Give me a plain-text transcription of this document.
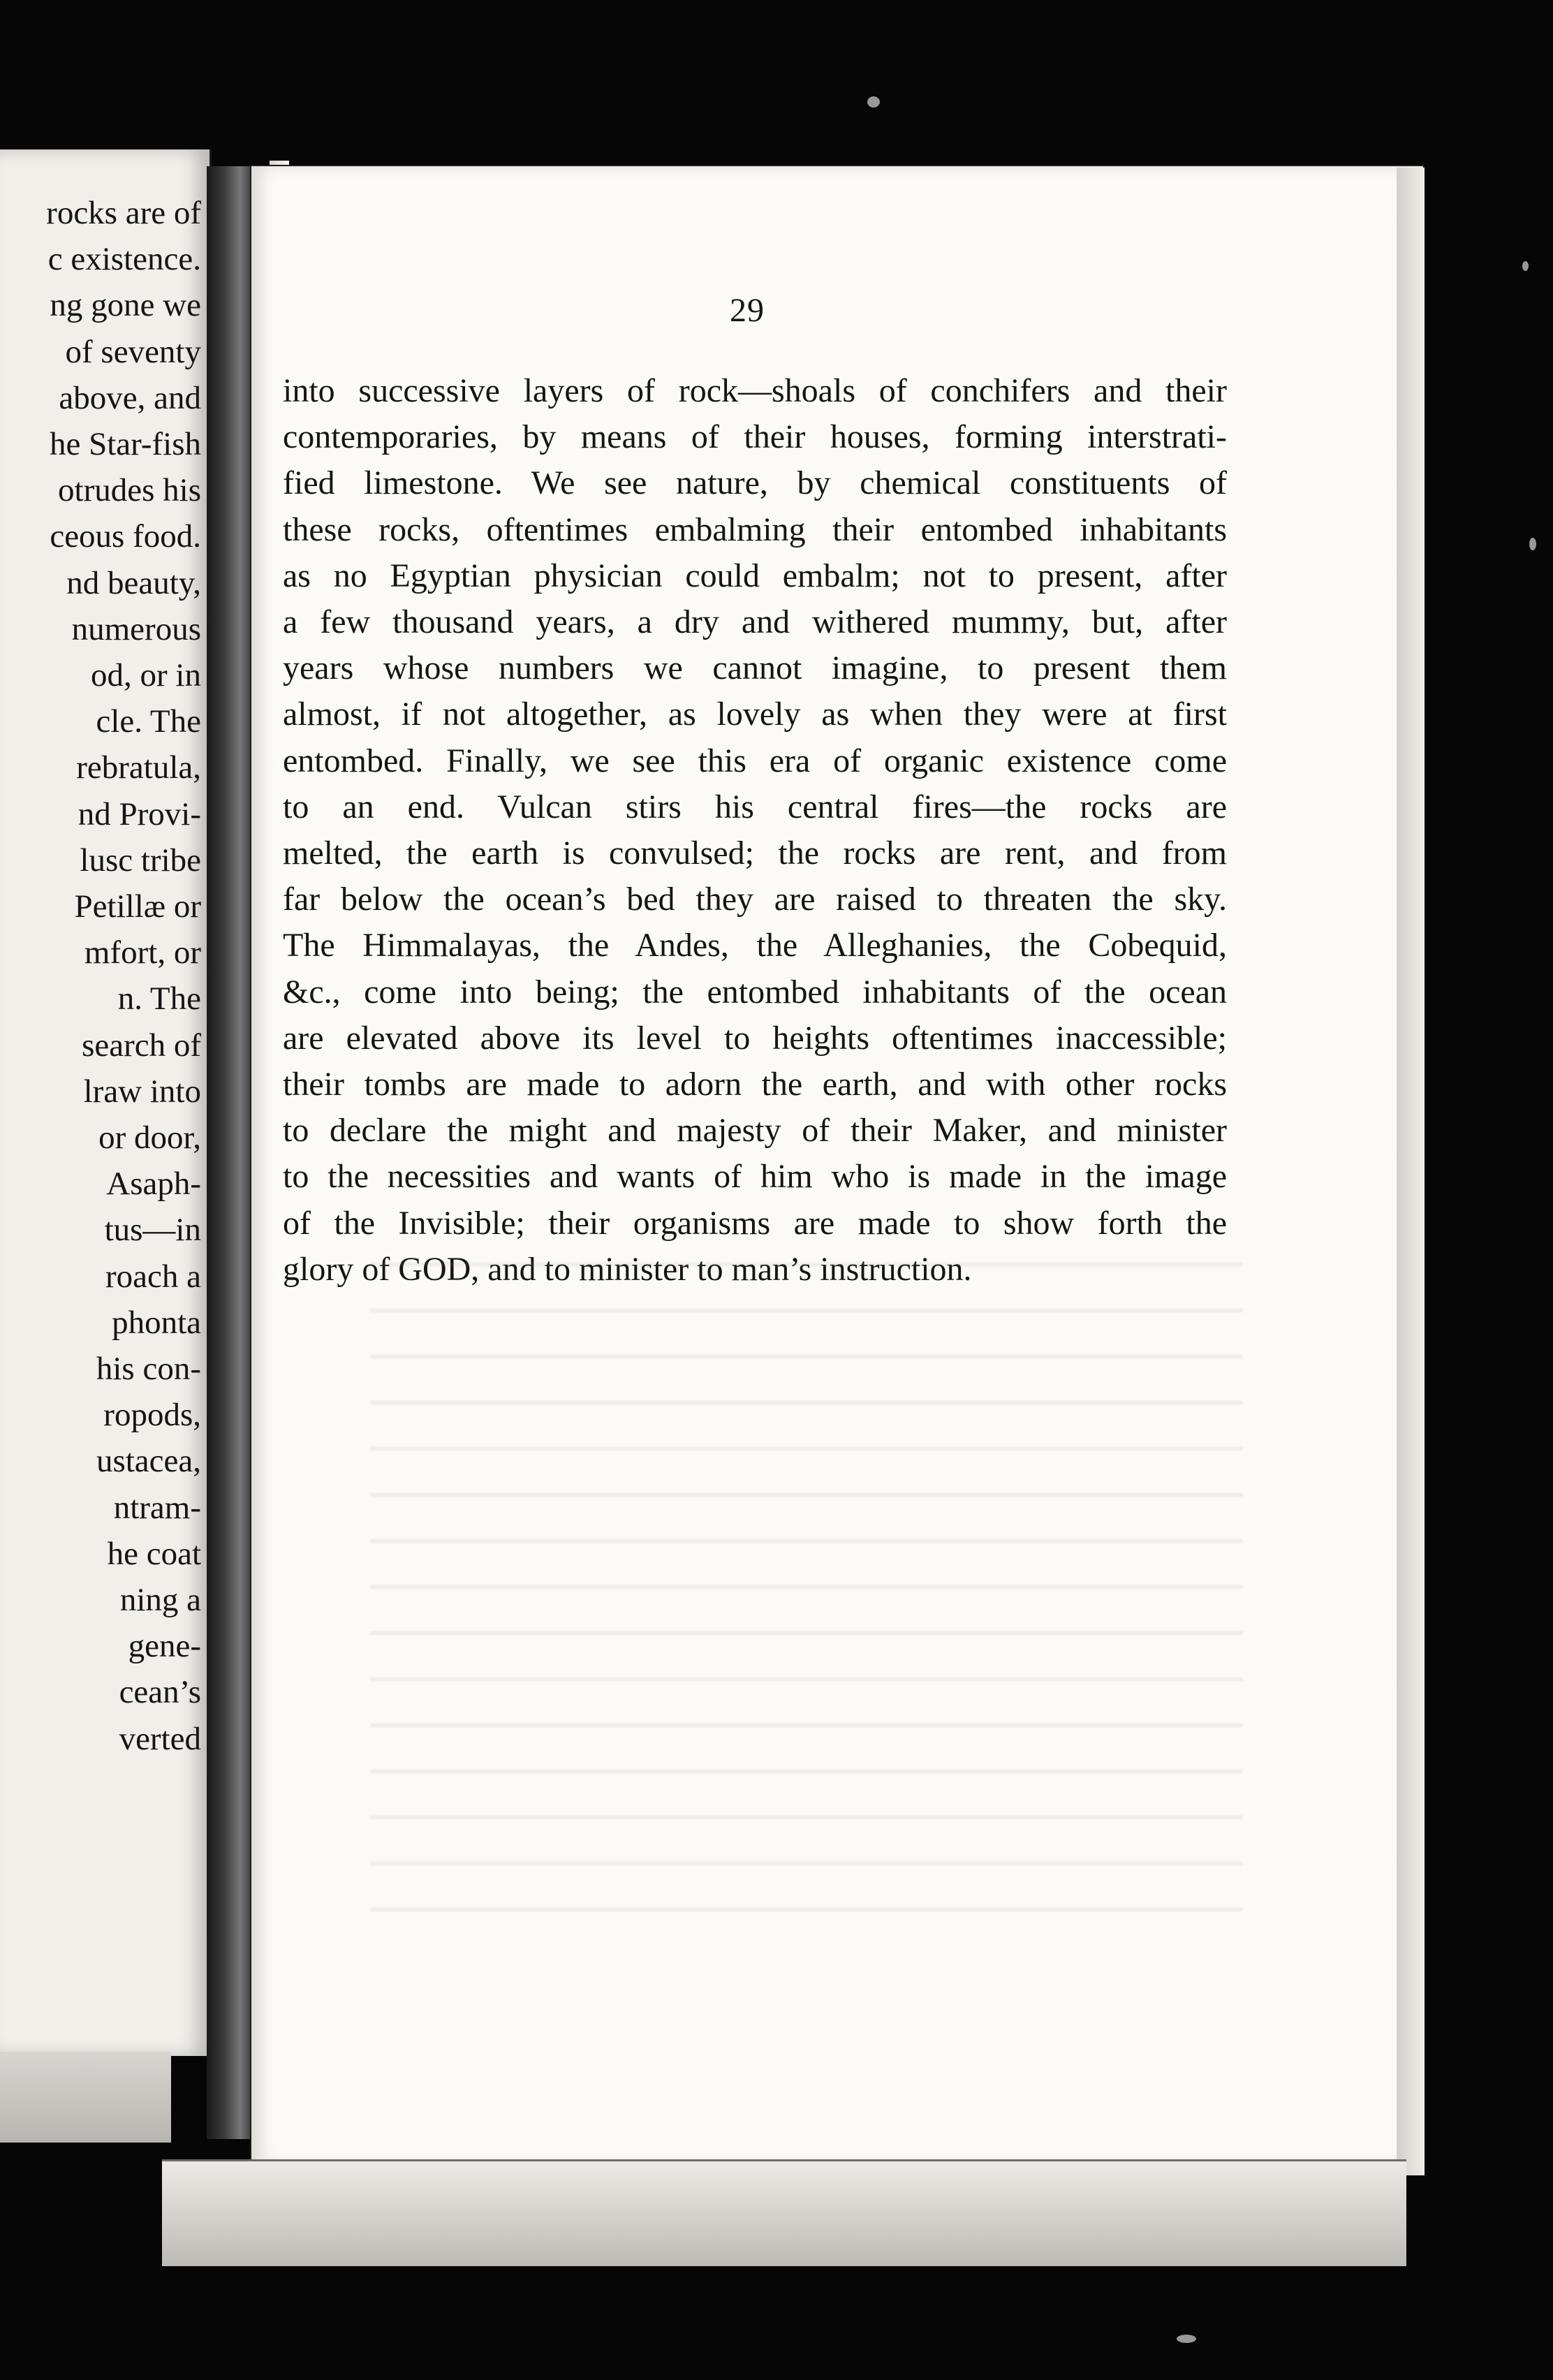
rocks are of
c existence.
ng gone we
of seventy
above, and
he Star-fish
otrudes his
ceous food.
nd beauty,
numerous
od, or in
cle. The
rebratula,
nd Provi-
lusc tribe
Petillæ or
mfort, or
n. The
search of
lraw into
or door,
Asaph-
tus—in
roach a
phonta
his con-
ropods,
ustacea,
ntram-
he coat
ning a
gene-
cean’s
verted
29
into successive layers of rock—shoals of conchifers and their
contemporaries, by means of their houses, forming interstrati-
fied limestone. We see nature, by chemical constituents of
these rocks, oftentimes embalming their entombed inhabitants
as no Egyptian physician could embalm; not to present, after
a few thousand years, a dry and withered mummy, but, after
years whose numbers we cannot imagine, to present them
almost, if not altogether, as lovely as when they were at first
entombed. Finally, we see this era of organic existence come
to an end. Vulcan stirs his central fires—the rocks are
melted, the earth is convulsed; the rocks are rent, and from
far below the ocean’s bed they are raised to threaten the sky.
The Himmalayas, the Andes, the Alleghanies, the Cobequid,
&c., come into being; the entombed inhabitants of the ocean
are elevated above its level to heights oftentimes inaccessible;
their tombs are made to adorn the earth, and with other rocks
to declare the might and majesty of their Maker, and minister
to the necessities and wants of him who is made in the image
of the Invisible; their organisms are made to show forth the
glory of GOD, and to minister to man’s instruction.
